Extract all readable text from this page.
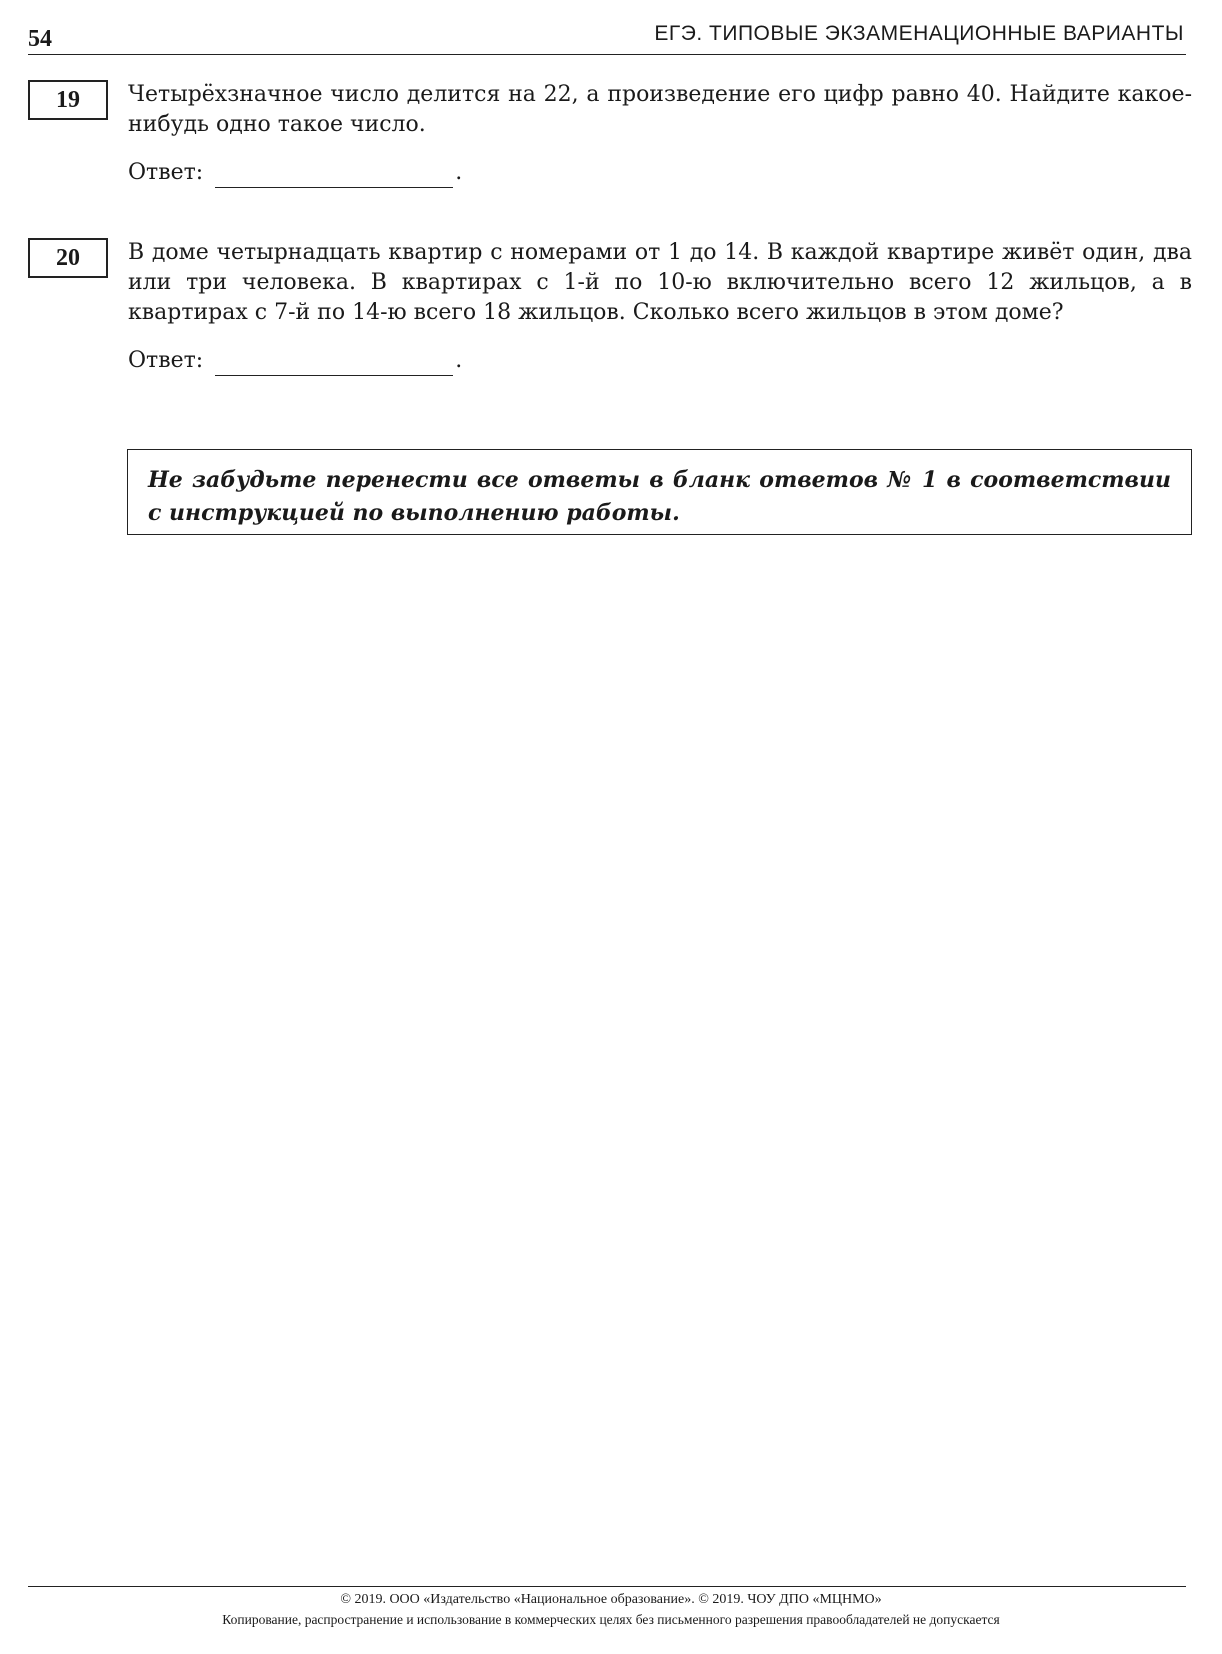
54	ЕГЭ. ТИПОВЫЕ ЭКЗАМЕНАЦИОННЫЕ ВАРИАНТЫ
19	Четырёхзначное число делится на 22, а произведение его цифр равно 40. Найдите какое-нибудь одно такое число.
Ответ:	.
20	В доме четырнадцать квартир с номерами от 1 до 14. В каждой квартире живёт один, два или три человека. В квартирах с 1-й по 10-ю включительно всего 12 жильцов, а в квартирах с 7-й по 14-ю всего 18 жильцов. Сколько всего жильцов в этом доме?
Ответ:	.
Не забудьте перенести все ответы в бланк ответов № 1 в соответствии с инструкцией по выполнению работы.
© 2019. ООО «Издательство «Национальное образование». © 2019. ЧОУ ДПО «МЦНМО»
Копирование, распространение и использование в коммерческих целях без письменного разрешения правообладателей не допускается
